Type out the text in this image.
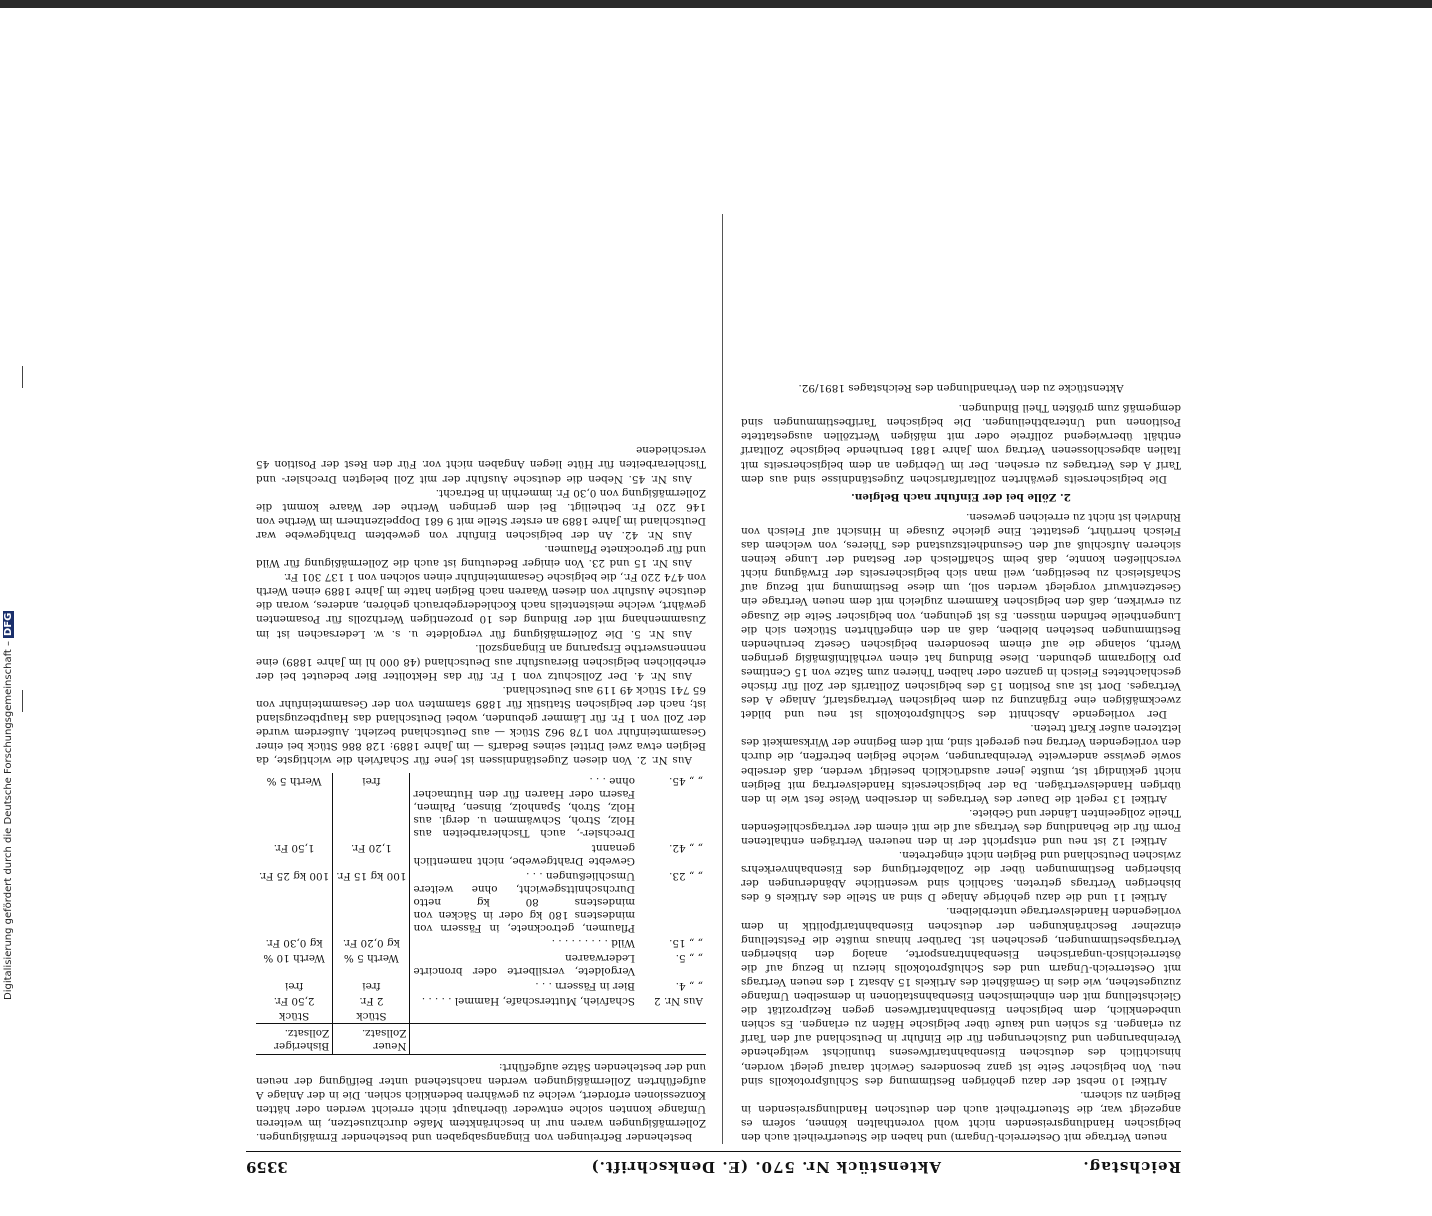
Reichstag.
Aktenstück Nr. 570. (E. Denkschrift.)
3359

neuen Vertrage mit Oesterreich-Ungarn) und haben die Steuerfreiheit auch den belgischen Handlungsreisenden nicht wohl vorenthalten können, sofern es angezeigt war, die Steuerfreiheit auch den deutschen Handlungsreisenden in Belgien zu sichern.

Artikel 10 nebst der dazu gehörigen Bestimmung des Schlußprotokolls sind neu. Von belgischer Seite ist ganz besonderes Gewicht darauf gelegt worden, hinsichtlich des deutschen Eisenbahntarifwesens thunlichst weitgehende Vereinbarungen und Zusicherungen für die Einfuhr in Deutschland auf den Tarif zu erlangen. Es schien und kaufe über belgische Häfen zu erlangen. Es schien unbedenklich, dem belgischen Eisenbahntarifwesen gegen Reziprozität die Gleichstellung mit den einheimischen Eisenbahnstationen in demselben Umfange zuzugestehen, wie dies in Gemäßheit des Artikels 15 Absatz 1 des neuen Vertrags mit Oesterreich-Ungarn und des Schlußprotokolls hierzu in Bezug auf die österreichisch-ungarischen Eisenbahntransporte, analog den bisherigen Vertragsbestimmungen, geschehen ist. Darüber hinaus mußte die Feststellung einzelner Beschränkungen der deutschen Eisenbahntarifpolitik in dem vorliegenden Handelsvertrage unterbleiben.

Artikel 11 und die dazu gehörige Anlage D sind an Stelle des Artikels 6 des bisherigen Vertrags getreten. Sachlich sind wesentliche Abänderungen der bisherigen Bestimmungen über die Zollabfertigung des Eisenbahnverkehrs zwischen Deutschland und Belgien nicht eingetreten.

Artikel 12 ist neu und entspricht der in den neueren Verträgen enthaltenen Form für die Behandlung des Vertrags auf die mit einem der vertragschließenden Theile zollgeeinten Länder und Gebiete.

Artikel 13 regelt die Dauer des Vertrages in derselben Weise fest wie in den übrigen Handelsverträgen. Da der belgischerseits Handelsvertrag mit Belgien nicht gekündigt ist, mußte jener ausdrücklich beseitigt werden, daß derselbe sowie gewisse anderweite Vereinbarungen, welche Belgien betreffen, die durch den vorliegenden Vertrag neu geregelt sind, mit dem Beginne der Wirksamkeit des letzteren außer Kraft treten.

Der vorliegende Abschnitt des Schlußprotokolls ist neu und bildet zweckmäßigen eine Ergänzung zu dem belgischen Vertragstarif, Anlage A des Vertrages. Dort ist aus Position 15 des belgischen Zolltarifs der Zoll für frische geschlachtetes Fleisch in ganzen oder halben Thieren zum Satze von 15 Centimes pro Kilogramm gebunden. Diese Bindung hat einen verhältnißmäßig geringen Werth, solange die auf einem besonderen belgischen Gesetz beruhenden Bestimmungen bestehen bleiben, daß an den eingeführten Stücken sich die Lungentheile befinden müssen. Es ist gelungen, von belgischer Seite die Zusage zu erwirken, daß den belgischen Kammern zugleich mit dem neuen Vertrage ein Gesetzentwurf vorgelegt werden soll, um diese Bestimmung mit Bezug auf Schafsleisch zu beseitigen, weil man sich belgischerseits der Erwägung nicht verschließen konnte, daß beim Schaffleisch der Bestand der Lunge keinen sicheren Aufschluß auf den Gesundheitszustand des Thieres, von welchem das Fleisch herrührt, gestattet. Eine gleiche Zusage in Hinsicht auf Fleisch von Rindvieh ist nicht zu erreichen gewesen.

2. Zölle bei der Einfuhr nach Belgien.

Die belgischerseits gewährten zolltarifarischen Zugeständnisse sind aus dem Tarif A des Vertrages zu ersehen. Der im Uebrigen an dem belgischerseits mit Italien abgeschlossenen Vertrag vom Jahre 1881 beruhende belgische Zolltarif enthält überwiegend zollfreie oder mit mäßigen Wertzöllen ausgestattete Positionen und Unterabtheilungen. Die belgischen Tarifbestimmungen sind demgemäß zum größten Theil Bindungen.

Aktenstücke zu den Verhandlungen des Reichstages 1891/92.

bestehender Befreiungen von Eingangsabgaben und bestehender Ermäßigungen. Zollermäßigungen waren nur in beschränktem Maße durchzusetzen, im weiteren Umfange konnten solche entweder überhaupt nicht erreicht werden oder hätten Konzessionen erfordert, welche zu gewähren bedenklich schien. Die in der Anlage A aufgeführten Zollermäßigungen werden nachstehend unter Beifügung der neuen und der bestehenden Sätze aufgeführt:

		Neuer Zollsatz.	Bisheriger Zollsatz.
		Stück	Stück
Aus Nr. 2	Schafvieh, Mutterschafe, Hammel . . . . .	2 Fr.	2,50 Fr.
„ „ 4.	Bier in Fässern . . .	frei	frei
„ „ 5.	Vergoldete, versilberte oder broncirte Lederwaaren	Werth 5 %	Werth 10 %
„ „ 15.	Wild . . . . . . . . .	kg 0,20 Fr.	kg 0,30 Fr.
„ „ 23.	Pflaumen, getrocknete, in Fässern von mindestens 180 kg oder in Säcken von mindestens 80 kg netto Durchschnittsgewicht, ohne weitere Umschließungen . . .	100 kg 15 Fr.	100 kg 25 Fr.
„ „ 42.	Gewebte Drahtgewebe, nicht namentlich genannt	1,20 Fr.	1,50 Fr.
„ „ 45.	Drechsler-, auch Tischlerarbeiten aus Holz, Stroh, Schwämmen u. dergl. aus Holz, Stroh, Spanholz, Binsen, Palmen, Fasern oder Haaren für den Hutmacher ohne . . .	frei	Werth 5 %

Aus Nr. 2. Von diesen Zugeständnissen ist jene für Schafvieh die wichtigste, da Belgien etwa zwei Drittel seines Bedarfs — im Jahre 1889: 128 886 Stück bei einer Gesammteinfuhr von 178 962 Stück — aus Deutschland bezieht. Außerdem wurde der Zoll von 1 Fr. für Lämmer gebunden, wobei Deutschland das Hauptbezugsland ist; nach der belgischen Statistik für 1889 stammten von der Gesammteinfuhr von 65 741 Stück 49 119 aus Deutschland.

Aus Nr. 4. Der Zollschutz von 1 Fr. für das Hektoliter Bier bedeutet bei der erheblichen belgischen Bierausfuhr aus Deutschland (48 000 hl im Jahre 1889) eine nennenswerthe Ersparung an Eingangszoll.

Aus Nr. 5. Die Zollermäßigung für vergoldete u. s. w. Ledersachen ist im Zusammenhang mit der Bindung des 10 prozentigen Werthzolls für Posamenten gewährt, welche meistenteils nach Kochledergebrauch gehören, anderes, woran die deutsche Ausfuhr von diesen Waaren nach Belgien hatte im Jahre 1889 einen Werth von 474 220 Fr., die belgische Gesammteinfuhr einen solchen von 1 137 301 Fr.

Aus Nr. 15 und 23. Von einiger Bedeutung ist auch die Zollermäßigung für Wild und für getrocknete Pflaumen.

Aus Nr. 42. An der belgischen Einfuhr von gewebtem Drahtgewebe war Deutschland im Jahre 1889 an erster Stelle mit 9 681 Doppelzentnern im Werthe von 146 220 Fr. betheiligt. Bei dem geringen Werthe der Waare kommt die Zollermäßigung von 0,30 Fr. immerhin in Betracht.

Aus Nr. 45. Neben die deutsche Ausfuhr der mit Zoll belegten Drechsler- und Tischlerarbeiten für Hüte liegen Angaben nicht vor. Für den Rest der Position 45 verschiedene

Digitalisierung gefördert durch die Deutsche Forschungsgemeinschaft –DFG
